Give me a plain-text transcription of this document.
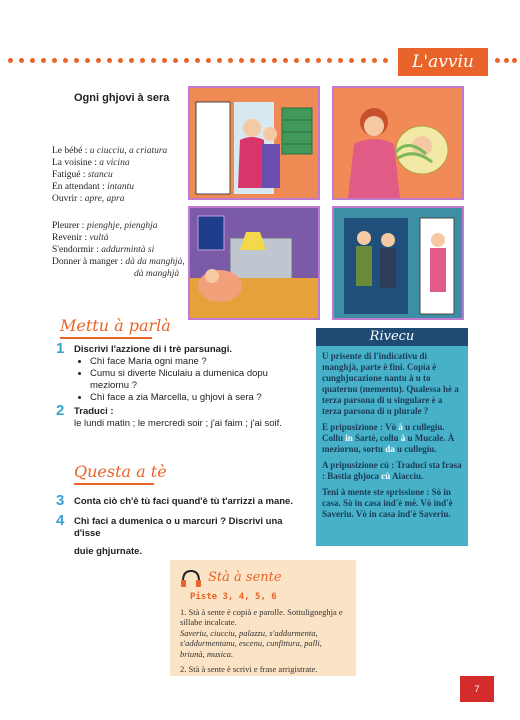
L'avviu
Ogni ghjovi à sera
Le bébé : u ciucciu, a criatura
La voisine : a vicina
Fatigué : stancu
En attendant : intantu
Ouvrir : apre, apra
Pleurer : pienghje, pienghja
Revenir : vultà
S'endormir : addurmintà si
Donner à manger : dà da manghjà,
dà manghjà
Mettu à parlà
1 Discrivi l'azzione di i trè parsunagi.
• Chì face Maria ogni mane ?
• Cumu si diverte Niculaiu a dumenica dopu meziornu ?
• Chì face a zia Marcella, u ghjovi à sera ?
2 Traduci :
le lundi matin ; le mercredi soir ; j'ai faim ; j'ai soif.
Questa a tè
3 Conta ciò ch'è tù faci quand'è tù t'arrizzi a mane.
4 Chì faci a dumenica o u marcuri ? Discrivi una d'isse
duie ghjurnate.
Rivecu

U prisente di l'indicativu di manghjà, parte è fini. Copia è cunghjucazione nantu à u to quaternu (mementu). Qualessa hè a terza parsona di u singulare è a terza parsona di u plurale ?

E pripusizione : Vò à u cullegiu. Collu in Sartè, collu à u Mucale. À meziornu, sortu da u cullegiu.

A pripusizione cù : Traduci sta frasa : Bastia ghjoca cù Aiacciu.

Teni à mente ste sprissione : Sò in casa. Sò in casa ind'è mè. Vò ind'è Saveriu. Vò in casa ind'è Saveriu.

Stà à sente
Piste 3, 4, 5, 6
1. Stà à sente è copià e parolle. Sottuligneghja e sillabe incalcate.
Saveriu, ciucciu, palazzu, s'addurmenta, s'addurmentanu, escenu, cunfittura, palli, briunà, musica.
2. Stà à sente è scrivi e frase arrigistrate.
7
